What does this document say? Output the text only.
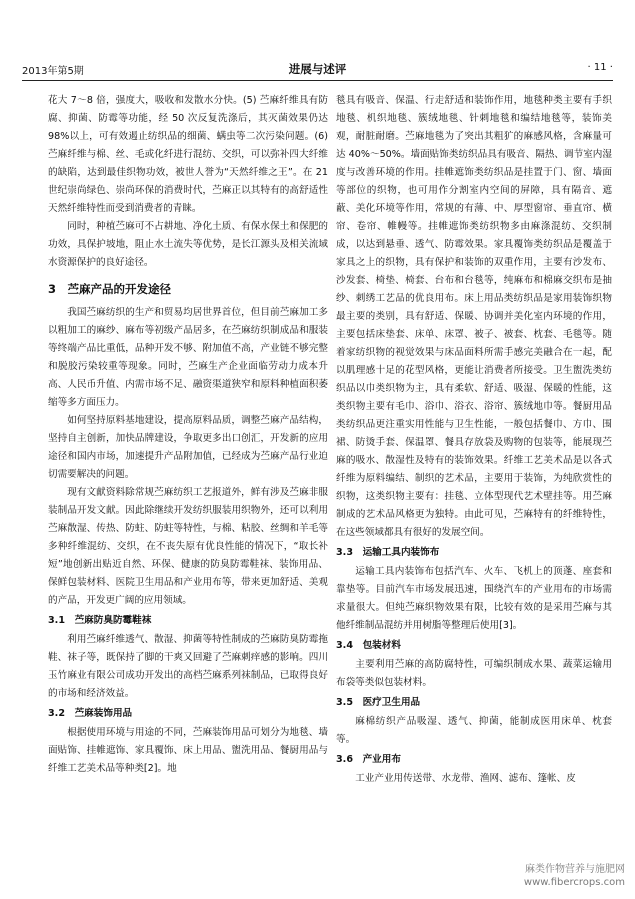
2013年第5期	进展与述评	· 11 ·

花大 7～8 倍，强度大，吸收和发散水分快。(5) 苎麻纤维具有防腐、抑菌、防霉等功能，经 50 次反复洗涤后，其灭菌效果仍达 98%以上，可有效遏止纺织品的细菌、螨虫等二次污染问题。(6) 苎麻纤维与棉、丝、毛或化纤进行混纺、交织，可以弥补四大纤维的缺陷，达到最佳织物功效，被世人誉为“天然纤维之王”。在 21 世纪崇尚绿色、崇尚环保的消费时代，苎麻正以其特有的高舒适性天然纤维特性而受到消费者的青睐。

同时，种植苎麻可不占耕地、净化土质、有保水保土和保肥的功效，具保护坡地，阻止水土流失等优势，是长江源头及相关流域水资源保护的良好途径。

3　苎麻产品的开发途径

我国苎麻纺织的生产和贸易均居世界首位，但目前苎麻加工多以粗加工的麻纱、麻布等初级产品居多，在苎麻纺织制成品和服装等终端产品比重低，品种开发不够、附加值不高，产业链不够完整和脱胶污染较重等现象。同时，苎麻生产企业面临劳动力成本升高、人民币升值、内需市场不足、融资渠道狭窄和原料种植面积萎缩等多方面压力。

如何坚持原料基地建设，提高原料品质，调整苎麻产品结构，坚持自主创新，加快品牌建设，争取更多出口创汇，开发新的应用途径和国内市场，加速提升产品附加值，已经成为苎麻产品行业迫切需要解决的问题。

现有文献资料除常规苎麻纺织工艺报道外，鲜有涉及苎麻非服装制品开发文献。因此除继续开发纺织服装用织物外，还可以利用苎麻散湿、传热、防蛀、防蛀等特性，与棉、粘胶、丝绸和羊毛等多种纤维混纺、交织，在不丧失原有优良性能的情况下，“取长补短”地创新出贴近自然、环保、健康的防臭防霉鞋袜、装饰用品、保鲜包装材料、医院卫生用品和产业用布等，带来更加舒适、美观的产品，开发更广阔的应用领域。

3.1　苎麻防臭防霉鞋袜

利用苎麻纤维透气、散湿、抑菌等特性制成的苎麻防臭防霉拖鞋、袜子等，既保持了脚的干爽又回避了苎麻刺痒感的影响。四川玉竹麻业有限公司成功开发出的高档苎麻系列袜制品，已取得良好的市场和经济效益。

3.2　苎麻装饰用品

根据使用环境与用途的不同，苎麻装饰用品可划分为地毯、墙面贴饰、挂帷遮饰、家具覆饰、床上用品、盥洗用品、餐厨用品与纤维工艺美术品等种类[2]。地

毯具有吸音、保温、行走舒适和装饰作用，地毯种类主要有手织地毯、机织地毯、簇绒地毯、针刺地毯和编结地毯等，装饰美观，耐脏耐磨。苎麻地毯为了突出其粗犷的麻感风格，含麻量可达 40%～50%。墙面贴饰类纺织品具有吸音、隔热、调节室内湿度与改善环境的作用。挂帷遮饰类纺织品是挂置于门、窗、墙面等部位的织物，也可用作分割室内空间的屏障，具有隔音、遮蔽、美化环境等作用，常规的有薄、中、厚型窗帘、垂直帘、横帘、卷帘、帷幔等。挂帷遮饰类纺织物多由麻涤混纺、交织制成，以达到悬垂、透气、防霉效果。家具覆饰类纺织品是覆盖于家具之上的织物，具有保护和装饰的双重作用，主要有沙发布、沙发套、椅垫、椅套、台布和台毯等，纯麻布和棉麻交织布是抽纱、刺绣工艺品的优良用布。床上用品类纺织品是家用装饰织物最主要的类别，具有舒适、保暖、协调并美化室内环境的作用，主要包括床垫套、床单、床罩、被子、被套、枕套、毛毯等。随着家纺织物的视觉效果与床品面料所需手感完美融合在一起，配以肌理感十足的花型风格，更能让消费者所接受。卫生盥洗类纺织品以巾类织物为主，具有柔软、舒适、吸湿、保暖的性能，这类织物主要有毛巾、浴巾、浴衣、浴帘、簇绒地巾等。餐厨用品类纺织品更注重实用性能与卫生性能，一般包括餐巾、方巾、围裙、防烫手套、保温罩、餐具存放袋及购物的包装等，能展现苎麻的吸水、散湿性及特有的装饰效果。纤维工艺美术品是以各式纤维为原料编结、制织的艺术品，主要用于装饰，为纯欣赏性的织物，这类织物主要有：挂毯、立体型现代艺术壁挂等。用苎麻制成的艺术品风格更为独特。由此可见，苎麻特有的纤维特性，在这些领域都具有很好的发展空间。

3.3　运输工具内装饰布

运输工具内装饰布包括汽车、火车、飞机上的顶蓬、座套和靠垫等。目前汽车市场发展迅速，围绕汽车的产业用布的市场需求量很大。但纯苎麻织物效果有限，比较有效的是采用苎麻与其他纤维制品混纺并用树脂等整理后使用[3]。

3.4　包装材料

主要利用苎麻的高防腐特性，可编织制成水果、蔬菜运输用布袋等类似包装材料。

3.5　医疗卫生用品

麻棉纺织产品吸湿、透气、抑菌，能制成医用床单、枕套等。

3.6　产业用布

工业产业用传送带、水龙带、渔网、滤布、篷帐、皮

麻类作物营养与施肥网
www.fibercrops.com
